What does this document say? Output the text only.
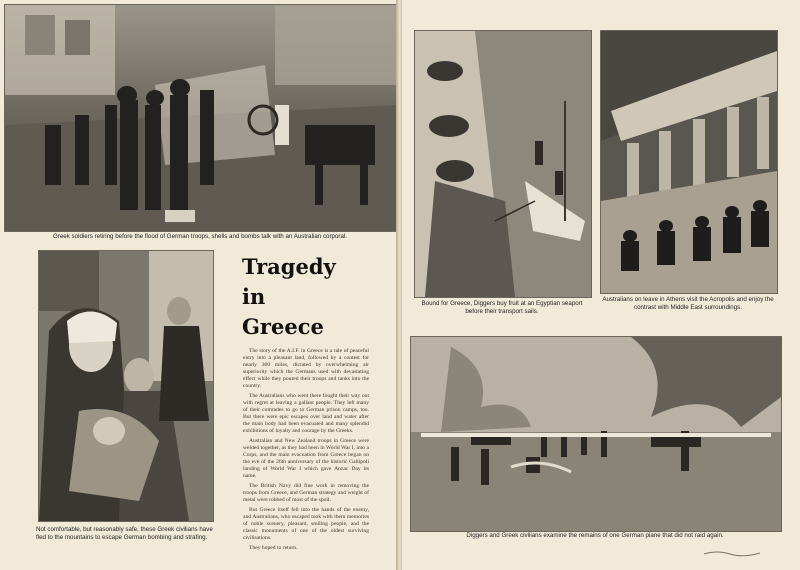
Greek soldiers retiring before the flood of German troops, shells and bombs talk with an Australian corporal.

Not comfortable, but reasonably safe, these Greek civilians have fled to the mountains to escape German bombing and strafing.

Tragedy
in
Greece

The story of the A.I.F. in Greece is a tale of peaceful entry into a pleasant land, followed by a contest for nearly 300 miles, dictated by overwhelming air superiority which the Germans used with devastating effect while they poured their troops and tanks into the country.

The Australians who went there fought their way out with regret at leaving a gallant people. They left many of their comrades to go to German prison camps, too. But there were epic escapes over land and water after the main body had been evacuated and many splendid exhibitions of loyalty and courage by the Greeks.

Australian and New Zealand troops in Greece were welded together, as they had been in World War I, into a Corps, and the main evacuation from Greece began on the eve of the 26th anniversary of the historic Gallipoli landing of World War I which gave Anzac Day its name.

The British Navy did fine work in removing the troops from Greece, and German strategy and weight of metal were robbed of most of the spoil.

But Greece itself fell into the hands of the enemy, and Australians, who escaped took with them memories of noble scenery, pleasant, smiling people, and the classic monuments of one of the oldest surviving civilisations.

They hoped to return.

Bound for Greece, Diggers buy fruit at an Egyptian seaport before their transport sails.

Australians on leave in Athens visit the Acropolis and enjoy the contrast with Middle East surroundings.

Diggers and Greek civilians examine the remains of one German plane that did not raid again.
